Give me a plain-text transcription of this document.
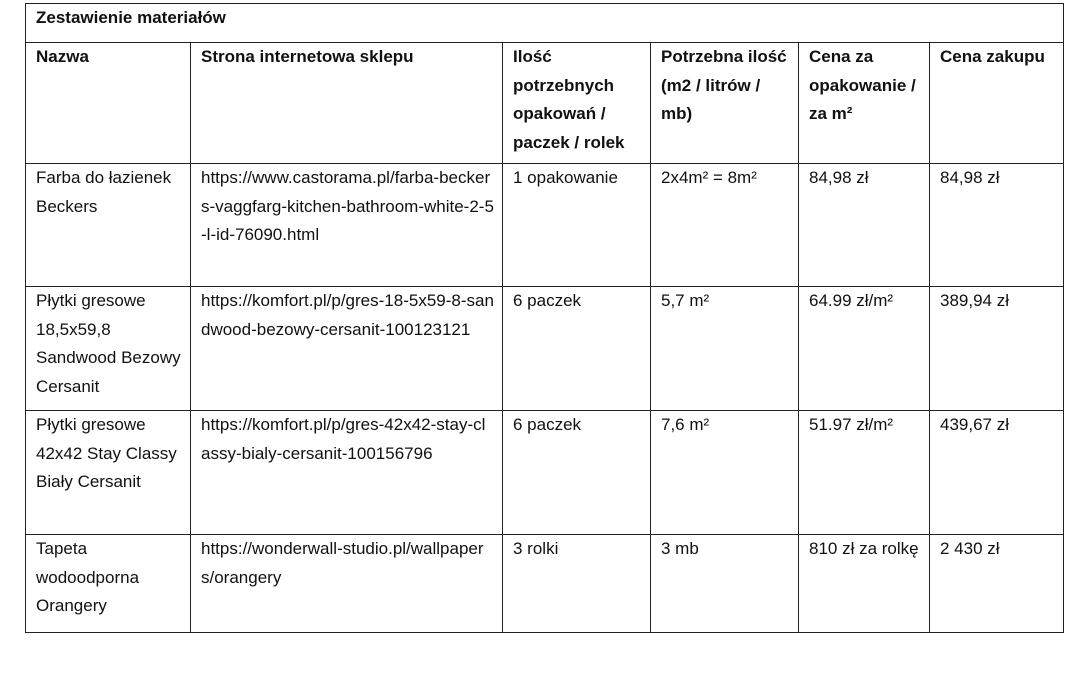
Zestawienie materiałów					
Nazwa	Strona internetowa sklepu	Ilość potrzebnych opakowań / paczek / rolek	Potrzebna ilość (m2 / litrów / mb)	Cena za opakowanie / za m²	Cena zakupu
Farba do łazienek Beckers	https://www.castorama.pl/farba-beckers-vaggfarg-kitchen-bathroom-white-2-5-l-id-76090.html	1 opakowanie	2x4m² = 8m²	84,98 zł	84,98 zł
Płytki gresowe 18,5x59,8 Sandwood Bezowy Cersanit	https://komfort.pl/p/gres-18-5x59-8-sandwood-bezowy-cersanit-100123121	6 paczek	5,7 m²	64.99 zł/m²	389,94 zł
Płytki gresowe 42x42 Stay Classy Biały Cersanit	https://komfort.pl/p/gres-42x42-stay-classy-bialy-cersanit-100156796	6 paczek	7,6 m²	51.97 zł/m²	439,67 zł
Tapeta wodoodporna Orangery	https://wonderwall-studio.pl/wallpapers/orangery	3 rolki	3 mb	810 zł za rolkę	2 430 zł
